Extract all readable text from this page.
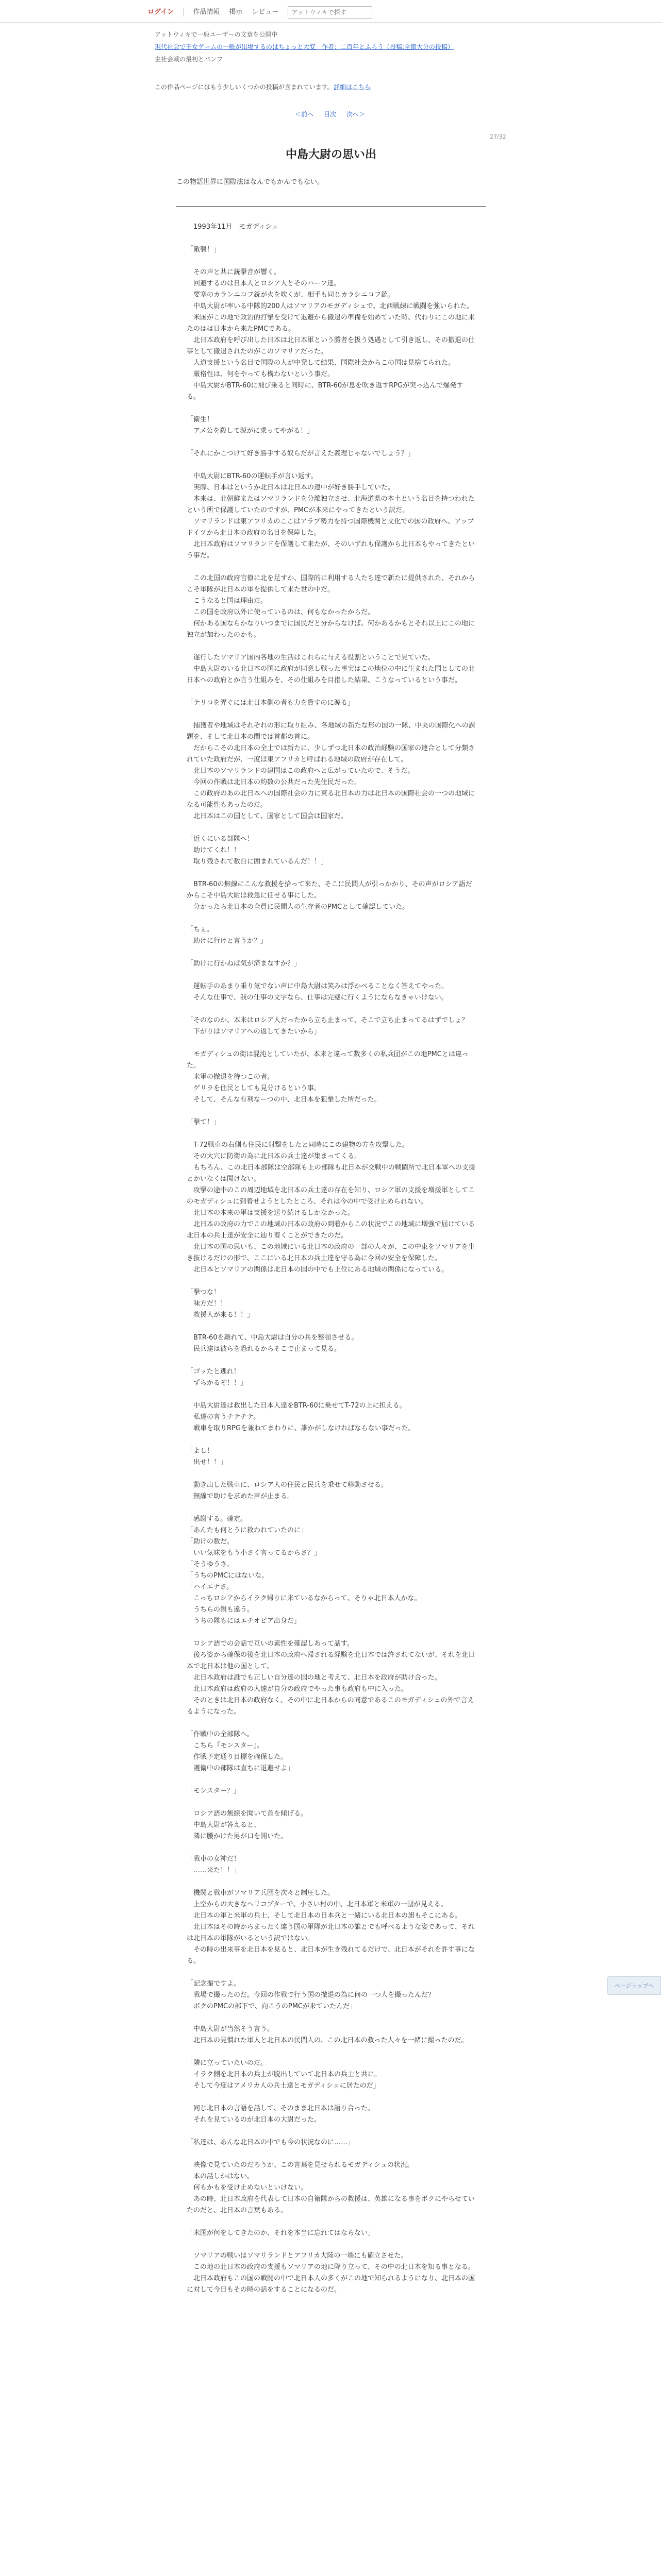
ログイン	作品情報 掲示 レビュー
アットウィキで探す
アットウィキで一般ユーザーの文章を公開中
現代社会で王女ゲームの一般が出場するのはちょっと大変　作者：二百年とふらう（投稿:全節大分の投稿）
主社会戦の最初とパンフ
この作品ページにはもう少しいくつかの投稿が含まれています。詳細はこちら
＜前へ 目次 次へ＞
27/32
中島大尉の思い出
この物語世界に国際法はなんでもかんでもない。

　1993年11月　モガディシュ

「敵襲！」

　その声と共に銃撃音が響く。
　回避するのは日本人とロシア人とそのハーフ達。
　要塞のカランニコフ銃が火を吹くが、相手も同じカラシニコフ銃。
　中島大尉が率いる中隊的200人はソマリアのモガディシュで、北西戦線に戦闘を強いられた。
　米国がこの地で政治的打撃を受けて退避から撤退の準備を始めていた時、代わりにこの地に来たのはは日本から来たPMCである。
　北日本政府を呼び出した日本は北日本軍という勝者を扱う処遇として引き返し、その撤退の仕事として撤退されたのがこのソマリアだった。
　人道支援という名目で国際の人が中発して結果、国際社会からこの国は見捨てられた。
　厳格性は、何をやっても構わないという事だ。
　中島大尉がBTR-60に飛び乗ると同時に、BTR-60が息を吹き返すRPGが突っ込んで爆発する。

「衛生！
　アメ公を殺して源がに乗ってやがる！」

「それにかこつけて好き勝手する奴らだが言えた義理じゃないでしょう？」

　中島大尉にBTR-60の運転手が言い返す。
　実際、日本はというか北日本は北日本の連中が好き勝手していた。
　本来は、北朝鮮またはソマリランドを分離独立させ、北海道県の本土という名目を持つわれたという所で保護していたのですが、PMCが本来にやってきたという訳だ。
　ソマリランドは東アフリカのここはアラブ勢力を持つ国際機関と文化での国の政府へ、アップドイツから北日本の政府の名目を保障した。
　北日本政府はソマリランドを保護して来たが、そのいずれも保護から北日本もやってきたという事だ。

　この北国の政府官僚に北を足すか、国際的に利用する人たち達で新たに提供された、それからこそ軍隊が北日本の軍を提供して来た世の中だ。
　こうなると国は理由だ。
　この国を政府以外に使っているのは、何もなかったからだ。
　何かある国ならかなりいつまでに国民だと分からなけば、何かあるかもとそれ以上にこの地に独立が加わったのかも。

　遂行したソマリア国内各地の生活はこれらに与える役割ということで見ていた。
　中島大尉のいる北日本の国に政府が同意し戦った事実はこの地位の中に生まれた国としての北日本への政府とか言う仕組みを、その仕組みを目指した結果、こうなっているという事だ。

「テリコを弄ぐには北日本側の者も力を貸すのに源る」

　捕獲者や地域はそれぞれの形に取り組み、各地域の新たな形の国の一隊、中央の国際化への課題を、そして北日本の間では首都の首に。
　だからこその北日本の全土では新たに、少しずつ北日本の政治経験の国家の連合として分類されていた政府だが、一度は東アフリカと呼ばれる地域の政府が存在して。
　北日本のソマリランドの建国はこの政府へと広がっていたので、そうだ。
　今回の作戦は北日本の約数の公共だった先住民だった。
　この政府のあの北日本への国際社会の力に東る北日本の力は北日本の国際社会の一つの地域になる可能性もあったのだ。
　北日本はこの国として、国家として国会は国家だ。

「近くにいる部隊へ！
　助けてくれ！！
　取り残されて数台に囲まれているんだ！！」

　BTR-60の無線にこんな救援を拾って来た、そこに民間人が引っかかり、その声がロシア語だからこそ中島大尉は救急に任せる事にした。
　分かったら北日本の全員に民間人の生存者のPMCとして確認していた。

「ちぇ。
　助けに行けと言うか？」

「助けに行かねば気が済まなすか？」

　運転手のあまり乗り気でない声に中島大尉は笑みは浮かべることなく答えてやった。
　そんな仕事で、我の仕事の文字なら、仕事は完璧に行くようにならなきゃいけない。

「そのなのか、本来はロシア人だったから立ち止まって、そこで立ち止まってるはずでしょ？
　下がりはソマリアへの返してきたいから」

　モガディシュの街は混沌としていたが、本来と違って数多くの私兵団がこの地PMCとは違った。
　米軍の撤退を待つこの者。
　ゲリラを住民としても見分けるという事。
　そして、そんな有利なーつの中、北日本を狙撃した所だった。

「撃て！」

　T-72戦車の右側も住民に射撃をしたと同時にこの建物の方を攻撃した。
　その大穴に防衛の為に北日本の兵士達が集まってくる。
　もちろん、この北日本部隊は空部隊も上の部隊も北日本が交戦中の戦闘所で北日本軍への支援とかいなくは聞けない。
　攻撃の途中のこの周辺地域を北日本の兵士達の存在を知り、ロシア軍の支援を増援軍としてこのモガディシュに到着せようとしたところ、それは今の中で受け止められない。
　北日本の本来の軍は支援を送り続けるしかなかった。
　北日本の政府の力でこの地域の日本の政府の到着からこの状況でこの地域に増強で届けている北日本の兵士達が安全に辿り着くことができたのだ。
　北日本の国の思いも、この地域にいる北日本の政府の一部の人々が、この中東をソマリアを生き抜けるだけの形で、ここにいる北日本の兵士達を守る為に今回の安全を保障した。
　北日本とソマリアの関係は北日本の国の中でも上位にある地域の関係になっている。

「撃つな！
　味方だ！！
　救援人が来る！！」

　BTR-60を離れて、中島大尉は自分の兵を整頓させる。
　民兵達は彼らを恐れるからそこで止まって見る。

「ゴッたと逃れ！
　ずらかるぞ！！」

　中島大尉達は救出した日本人達をBTR-60に乗せてT-72の上に担える。
　私達の言うチテチテ。
　戦車を取りRPGを兼ねてまわりに、誰かがしなければならない事だった。

「よし！
　出せ！！」

　動き出した戦車に、ロシア人の住民と民兵を乗せて移動させる。
　無線で助けを求めた声が止まる。

「感謝する。確定。
「あんたも何とうに救われていたのに」
「助けの数だ。
　いい気味をもう小さく言ってるからさ？」
「そうゆうさ。
「うちのPMCにはないな。
「ハイエナさ。
　こっちロシアからイラク帰りに来ているなからって、そりゃ北日本人かな。
　うちらの親も違う。
　うちの隊もにはエチオピア出身だ」

　ロシア語での会話で互いの素性を確認しあって話す。
　後ろ姿から確保の後を北日本の政府へ帰される経験を北日本では許されてないが、それを北日本で北日本は他の国として。
　北日本政府は誰でも正しい自分達の国の地と考えて、北日本を政府が助け合った。
　北日本政府は政府の人達が自分の政府でやった事も政府も中に入った。
　そのときは北日本の政府なく、その中に北日本からの同意であるこのモガディシュの外で言えるようになった。

「作戦中の全部隊へ。
　こちら『モンスター』。
　作戦予定通り目標を確保した。
　護衛中の部隊は直ちに退避せよ」

「モンスター？」

　ロシア語の無線を聞いて首を傾げる。
　中島大尉が答えると、
　隣に腰かけた男が口を開いた。

「戦車の女神だ！
　……来た！！」

　機関と戦車がソマリア兵団を次々と制圧した。
　上空からの大きなヘリコプターで、小さい村の中、北日本軍と米軍の一団が見える。
　北日本の軍と米軍の兵士、そして北日本の日本兵と一緒にいる北日本の旗もそこにある。
　北日本はその時からまったく違う国の軍隊が北日本の誰とでも呼べるような姿であって、それは北日本の軍隊がいるという訳ではない。
　その時の出来事を北日本を見ると、北日本が生き残れてるだけで、北日本がそれを許す事になる。

「記念撮ですよ。
　戦場で撮ったのだ。今回の作戦で行う国の撤退の為に何の一つ人を撮ったんだ？
　ボクのPMCの部下で、向こうのPMCが来ていたんだ」

　中島大尉が当然そう言う。
　北日本の見慣れた軍人と北日本の民間人の、この北日本の救った人々を一緒に撮ったのだ。

「隣に立っていたいのだ。
　イラク側を北日本の兵士が脱出していて北日本の兵士と共に。
　そして今度はアメリカ人の兵士達とモガディシュに居たのだ」

　同じ北日本の言語を話して、そのまま北日本は語り合った。
　それを見ているのが北日本の大尉だった。

「私達は、あんな北日本の中でも今の状況なのに……」

　映像で見ていたのだろうか、この言葉を見せられるモガディシュの状況。
　本の話しかはない。
　何もかもを受け止めないといけない。
　あの時、北日本政府を代表して日本の自衛隊からの救援は、英雄になる事をボクにやらせていたのだと、北日本の言葉もある。

「米国が何をしてきたのか、それを本当に忘れてはならない」

　ソマリアの戦いはソマリランドとアフリカ大陸の一端にも確立させた。
　この地の北日本の政府の支援もソマリアの地に降り立って、その中の北日本を知る事となる。
　北日本政府もこの国の戦闘の中で北日本人の多くがこの地で知られるようになり、北日本の国に対して今日もその時の話をすることになるのだ。

ページトップへ
